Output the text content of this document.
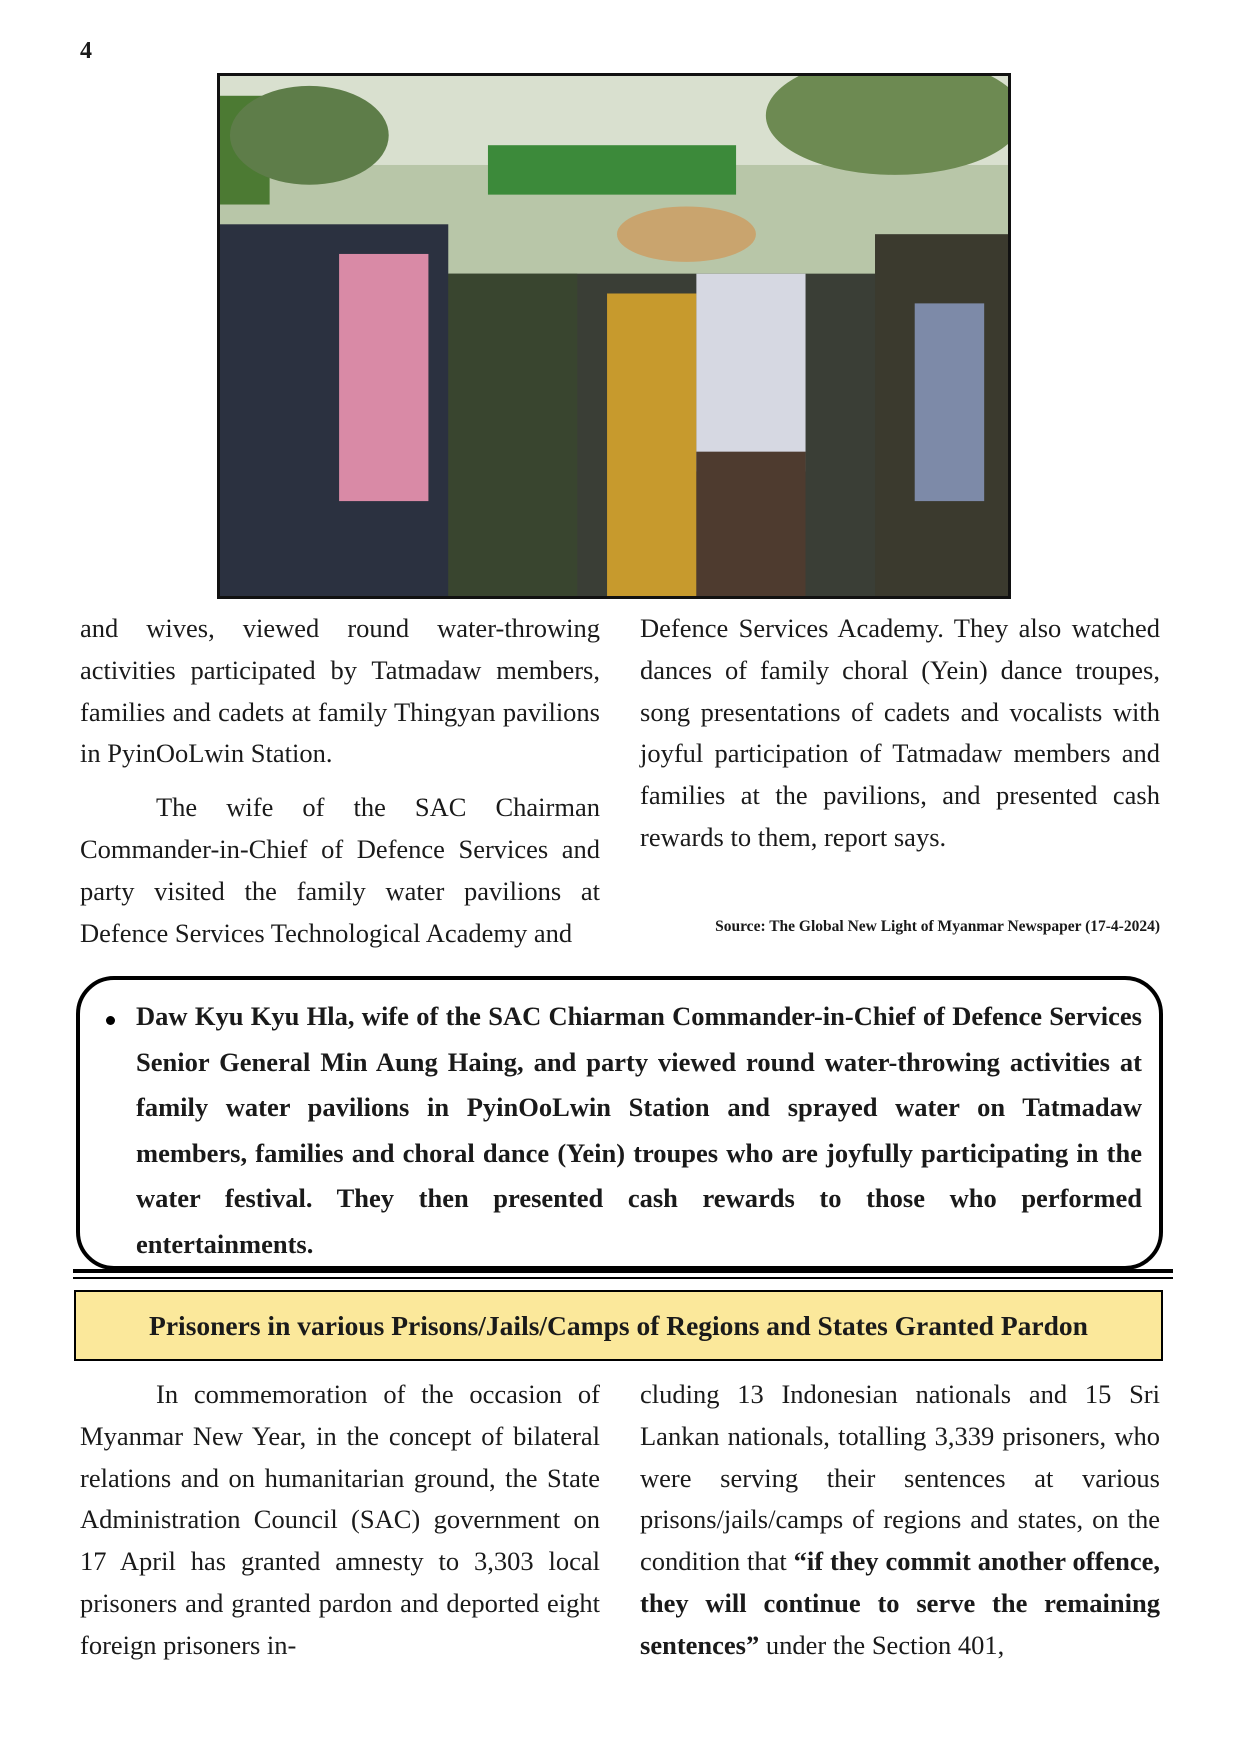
4

and wives, viewed round water-throwing activities participated by Tatmadaw members, families and cadets at family Thingyan pavilions in PyinOoLwin Station.

The wife of the SAC Chairman Commander-in-Chief of Defence Services and party visited the family water pavilions at Defence Services Technological Academy and

Defence Services Academy. They also watched dances of family choral (Yein) dance troupes, song presentations of cadets and vocalists with joyful participation of Tatmadaw members and families at the pavilions, and presented cash rewards to them, report says.

Source: The Global New Light of Myanmar Newspaper (17-4-2024)
Daw Kyu Kyu Hla, wife of the SAC Chiarman Commander-in-Chief of Defence Services Senior General Min Aung Haing, and party viewed round water-throwing activities at family water pavilions in PyinOoLwin Station and sprayed water on Tatmadaw members, families and choral dance (Yein) troupes who are joyfully participating in the water festival. They then presented cash rewards to those who performed entertainments.
Prisoners in various Prisons/Jails/Camps of Regions and States Granted Pardon

In commemoration of the occasion of Myanmar New Year, in the concept of bilateral relations and on humanitarian ground, the State Administration Council (SAC) government on 17 April has granted amnesty to 3,303 local prisoners and granted pardon and deported eight foreign prisoners in-

cluding 13 Indonesian nationals and 15 Sri Lankan nationals, totalling 3,339 prisoners, who were serving their sentences at various prisons/jails/camps of regions and states, on the condition that “if they commit another offence, they will continue to serve the remaining sentences” under the Section 401,
